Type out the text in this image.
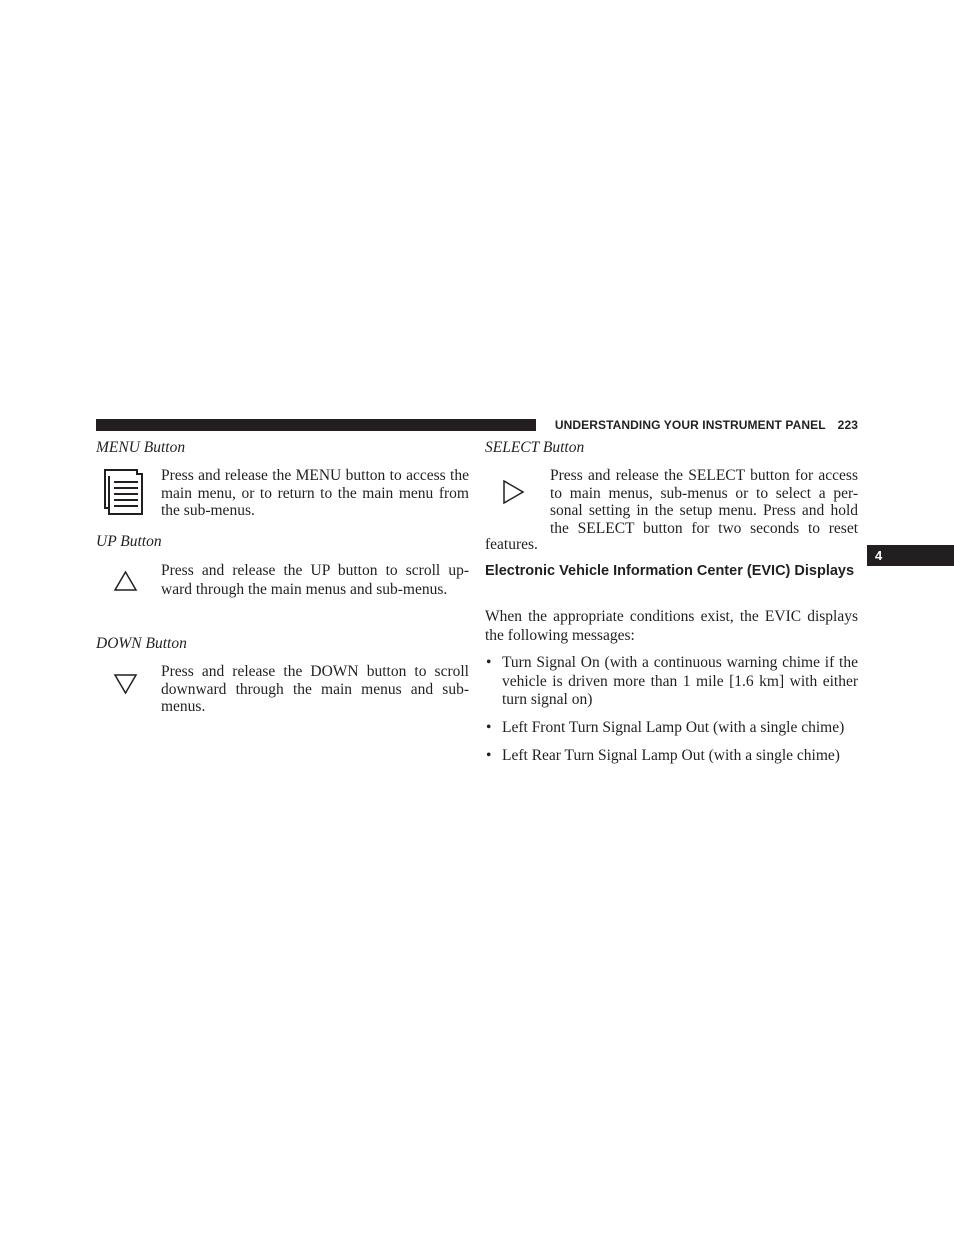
UNDERSTANDING YOUR INSTRUMENT PANEL 223
4
MENU Button
Press and release the MENU button to access the main menu, or to return to the main menu from the sub-menus.
UP Button
Press and release the UP button to scroll up- ward through the main menus and sub-menus.
DOWN Button
Press and release the DOWN button to scroll downward through the main menus and sub-menus.
SELECT Button
Press and release the SELECT button for access to main menus, sub-menus or to select a per- sonal setting in the setup menu. Press and hold the SELECT button for two seconds to reset
features.
Electronic Vehicle Information Center (EVIC) Displays
When the appropriate conditions exist, the EVIC displays the following messages:
• Turn Signal On (with a continuous warning chime if the vehicle is driven more than 1 mile [1.6 km] with either turn signal on)
• Left Front Turn Signal Lamp Out (with a single chime)
• Left Rear Turn Signal Lamp Out (with a single chime)
